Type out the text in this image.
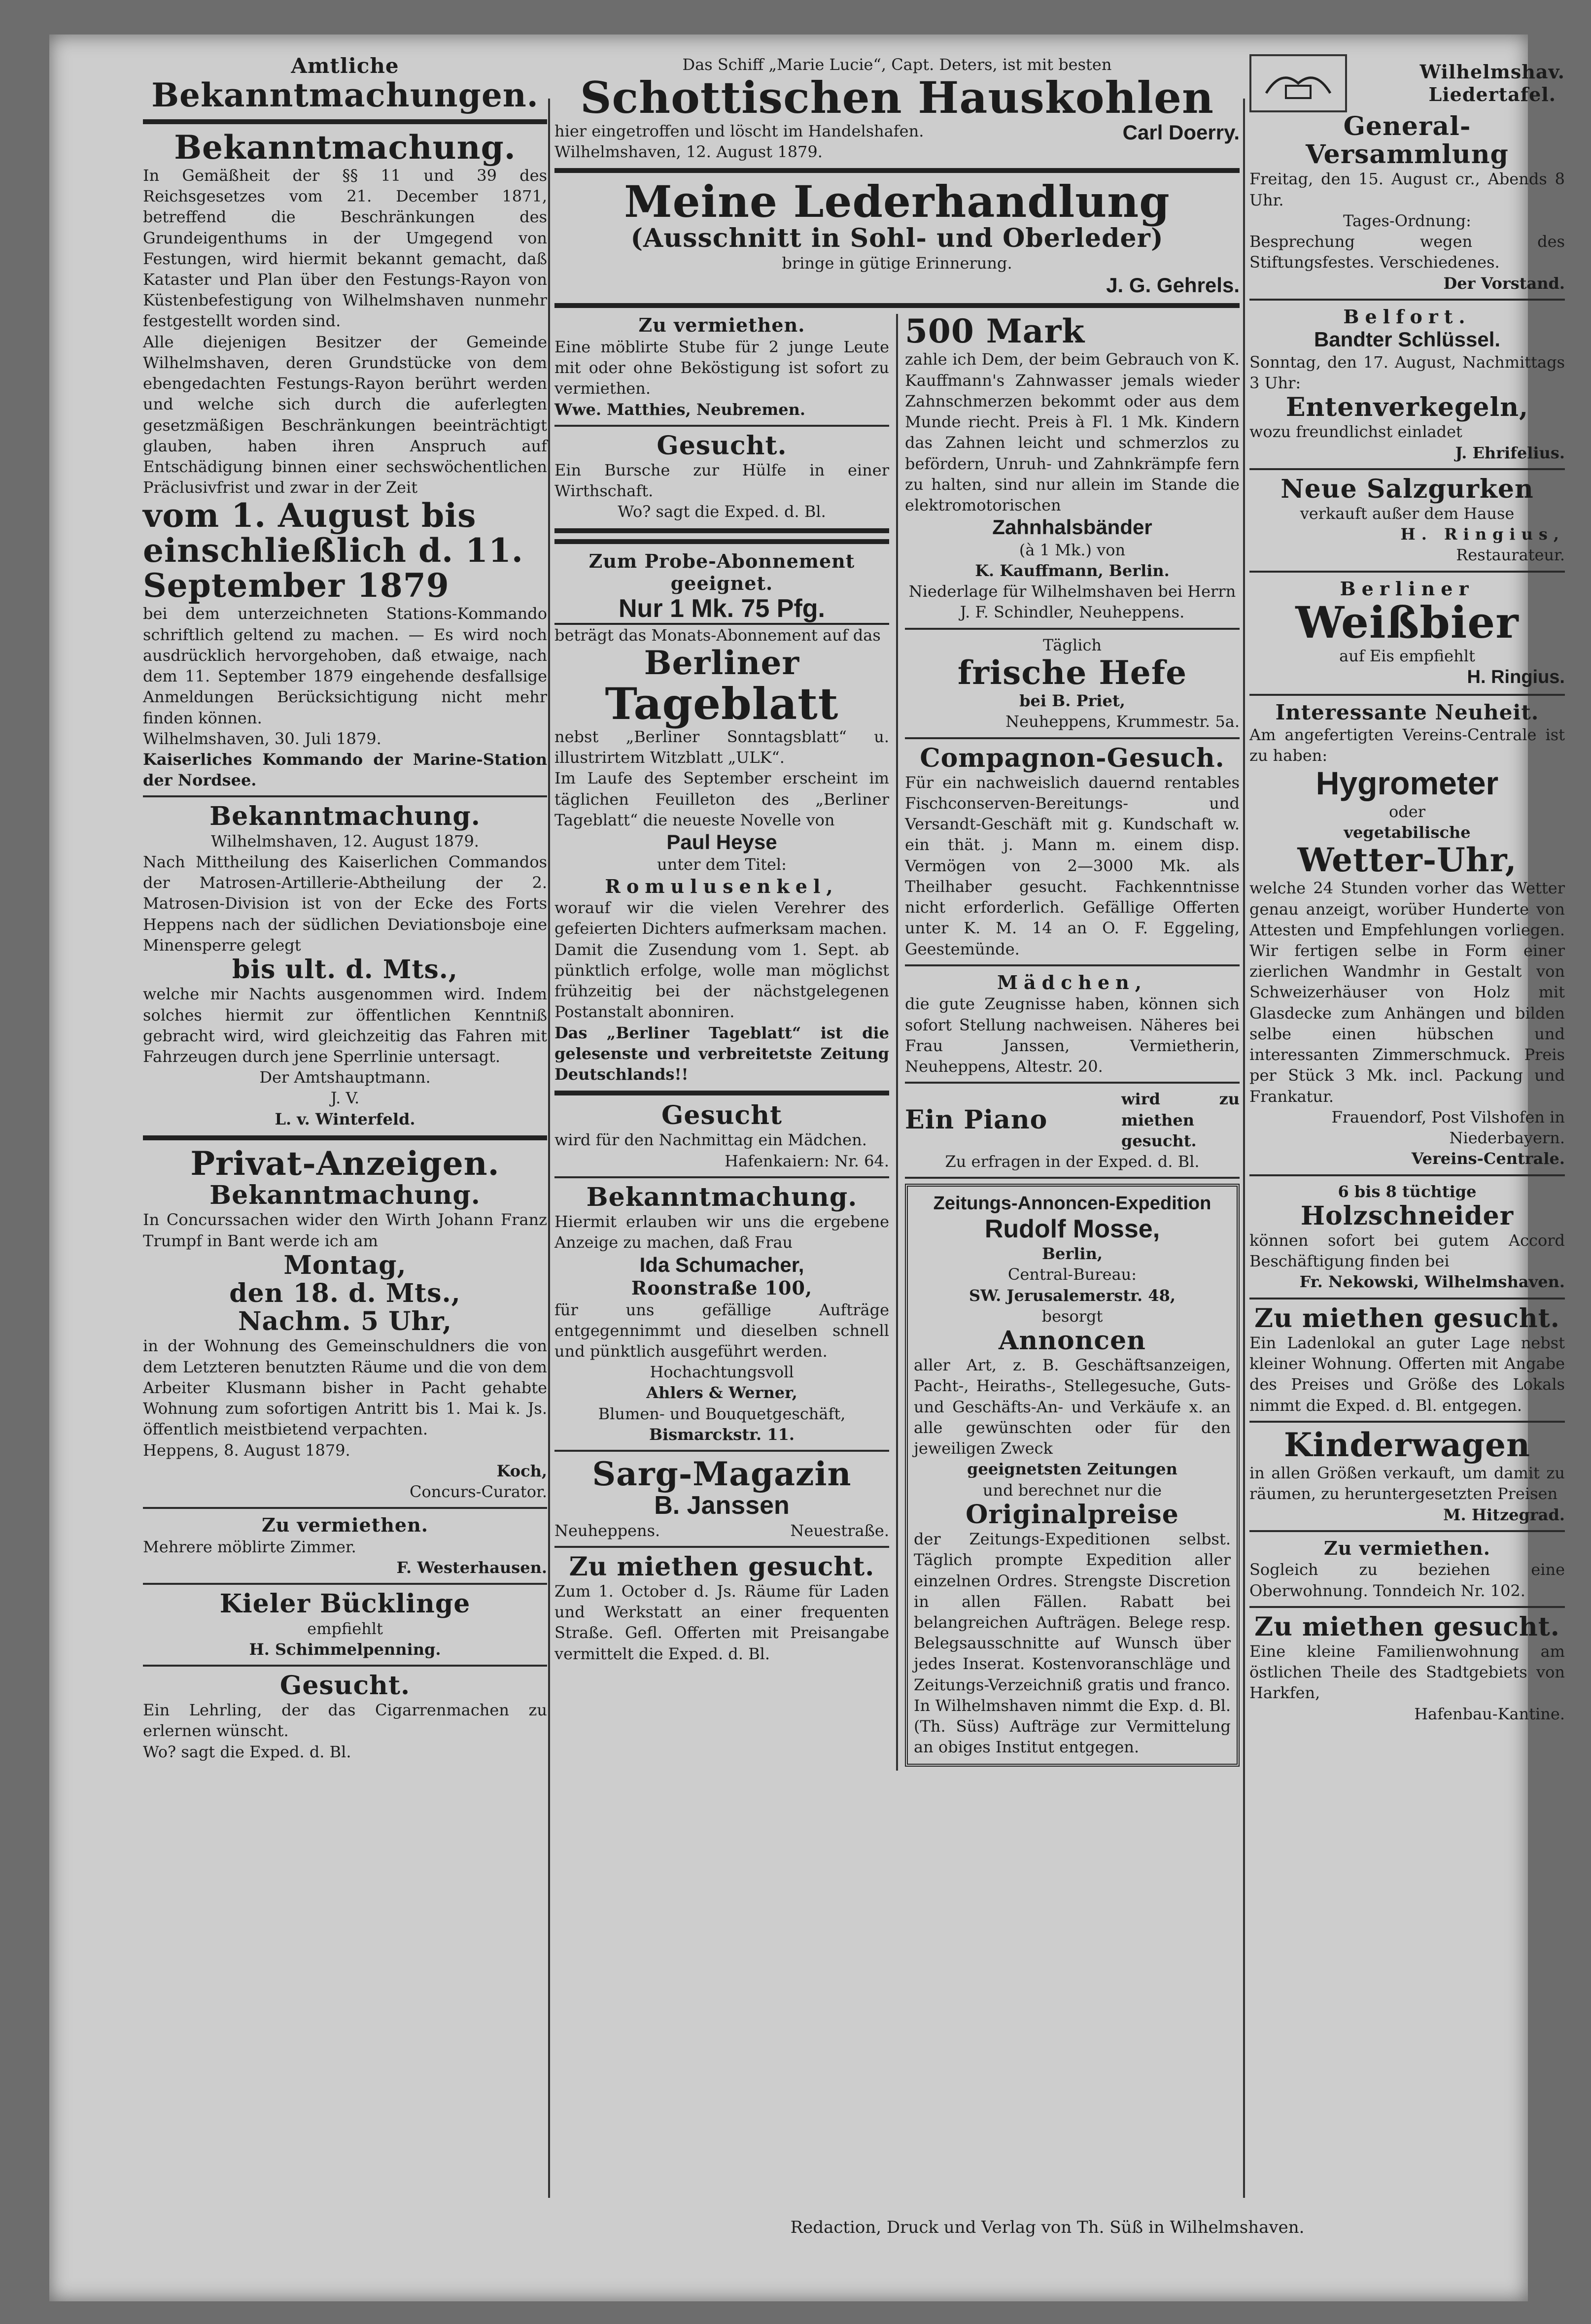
Amtliche
Bekanntmachungen.
Bekanntmachung.

In Gemäßheit der §§ 11 und 39 des Reichsgesetzes vom 21. December 1871, betreffend die Beschränkungen des Grundeigenthums in der Umgegend von Festungen, wird hiermit bekannt gemacht, daß Kataster und Plan über den Festungs-Rayon von Küstenbefestigung von Wilhelmshaven nunmehr festgestellt worden sind.

Alle diejenigen Besitzer der Gemeinde Wilhelmshaven, deren Grundstücke von dem ebengedachten Festungs-Rayon berührt werden und welche sich durch die auferlegten gesetzmäßigen Beschränkungen beeinträchtigt glauben, haben ihren Anspruch auf Entschädigung binnen einer sechswöchentlichen Präclusivfrist und zwar in der Zeit

vom 1. August bis einschließlich d. 11. September 1879

bei dem unterzeichneten Stations-Kommando schriftlich geltend zu machen. — Es wird noch ausdrücklich hervorgehoben, daß etwaige, nach dem 11. September 1879 eingehende desfallsige Anmeldungen Berücksichtigung nicht mehr finden können.

Wilhelmshaven, 30. Juli 1879.

Kaiserliches Kommando der Marine-Station der Nordsee.

Bekanntmachung.

Wilhelmshaven, 12. August 1879.

Nach Mittheilung des Kaiserlichen Commandos der Matrosen-Artillerie-Abtheilung der 2. Matrosen-Division ist von der Ecke des Forts Heppens nach der südlichen Deviationsboje eine Minensperre gelegt

bis ult. d. Mts.,

welche mir Nachts ausgenommen wird. Indem solches hiermit zur öffentlichen Kenntniß gebracht wird, wird gleichzeitig das Fahren mit Fahrzeugen durch jene Sperrlinie untersagt.

Der Amtshauptmann.

J. V.

L. v. Winterfeld.

Privat-Anzeigen.
Bekanntmachung.

In Concurssachen wider den Wirth Johann Franz Trumpf in Bant werde ich am

Montag,
den 18. d. Mts.,
Nachm. 5 Uhr,

in der Wohnung des Gemeinschuldners die von dem Letzteren benutzten Räume und die von dem Arbeiter Klusmann bisher in Pacht gehabte Wohnung zum sofortigen Antritt bis 1. Mai k. Js. öffentlich meistbietend verpachten.

Heppens, 8. August 1879.

Koch,

Concurs-Curator.

Zu vermiethen.

Mehrere möblirte Zimmer.

F. Westerhausen.

Kieler Bücklinge

empfiehlt

H. Schimmelpenning.

Gesucht.

Ein Lehrling, der das Cigarrenmachen zu erlernen wünscht.

Wo? sagt die Exped. d. Bl.

Das Schiff „Marie Lucie“, Capt. Deters, ist mit besten

Schottischen Hauskohlen

hier eingetroffen und löscht im Handelshafen.

Wilhelmshaven, 12. August 1879.

Carl Doerry.
Meine Lederhandlung
(Ausschnitt in Sohl- und Oberleder)

bringe in gütige Erinnerung.

J. G. Gehrels.
Zu vermiethen.

Eine möblirte Stube für 2 junge Leute mit oder ohne Beköstigung ist sofort zu vermiethen.

Wwe. Matthies, Neubremen.

Gesucht.

Ein Bursche zur Hülfe in einer Wirthschaft.

Wo? sagt die Exped. d. Bl.

Zum Probe-Abonnement geeignet.
Nur 1 Mk. 75 Pfg.

beträgt das Monats-Abonnement auf das

Berliner
Tageblatt

nebst „Berliner Sonntagsblatt“ u. illustrirtem Witzblatt „ULK“.

Im Laufe des September erscheint im täglichen Feuilleton des „Berliner Tageblatt“ die neueste Novelle von

Paul Heyse

unter dem Titel:

Romulusenkel,

worauf wir die vielen Verehrer des gefeierten Dichters aufmerksam machen.

Damit die Zusendung vom 1. Sept. ab pünktlich erfolge, wolle man möglichst frühzeitig bei der nächstgelegenen Postanstalt abonniren.

Das „Berliner Tageblatt“ ist die gelesenste und verbreitetste Zeitung Deutschlands!!

Gesucht

wird für den Nachmittag ein Mädchen.

Hafenkaiern: Nr. 64.

Bekanntmachung.

Hiermit erlauben wir uns die ergebene Anzeige zu machen, daß Frau

Ida Schumacher,
Roonstraße 100,

für uns gefällige Aufträge entgegennimmt und dieselben schnell und pünktlich ausgeführt werden.

Hochachtungsvoll

Ahlers & Werner,

Blumen- und Bouquetgeschäft,

Bismarckstr. 11.

Sarg-Magazin
B. Janssen
Neuheppens.	Neuestraße.
Zu miethen gesucht.

Zum 1. October d. Js. Räume für Laden und Werkstatt an einer frequenten Straße. Gefl. Offerten mit Preisangabe vermittelt die Exped. d. Bl.

500 Mark

zahle ich Dem, der beim Gebrauch von K. Kauffmann's Zahnwasser jemals wieder Zahnschmerzen bekommt oder aus dem Munde riecht. Preis à Fl. 1 Mk. Kindern das Zahnen leicht und schmerzlos zu befördern, Unruh- und Zahnkrämpfe fern zu halten, sind nur allein im Stande die elektromotorischen

Zahnhalsbänder

(à 1 Mk.) von

K. Kauffmann, Berlin.

Niederlage für Wilhelmshaven bei Herrn J. F. Schindler, Neuheppens.

Täglich

frische Hefe

bei B. Priet,

Neuheppens, Krummestr. 5a.

Compagnon-Gesuch.

Für ein nachweislich dauernd rentables Fischconserven-Bereitungs- und Versandt-Geschäft mit g. Kundschaft w. ein thät. j. Mann m. einem disp. Vermögen von 2—3000 Mk. als Theilhaber gesucht. Fachkenntnisse nicht erforderlich. Gefällige Offerten unter K. M. 14 an O. F. Eggeling, Geestemünde.

Mädchen,

die gute Zeugnisse haben, können sich sofort Stellung nachweisen. Näheres bei Frau Janssen, Vermietherin, Neuheppens, Altestr. 20.

Ein Piano
wird zu miethen gesucht.

Zu erfragen in der Exped. d. Bl.

Zeitungs-Annoncen-Expedition
Rudolf Mosse,

Berlin,

Central-Bureau:

SW. Jerusalemerstr. 48,

besorgt

Annoncen

aller Art, z. B. Geschäftsanzeigen, Pacht-, Heiraths-, Stellegesuche, Guts- und Geschäfts-An- und Verkäufe x. an alle gewünschten oder für den jeweiligen Zweck

geeignetsten Zeitungen

und berechnet nur die

Originalpreise

der Zeitungs-Expeditionen selbst. Täglich prompte Expedition aller einzelnen Ordres. Strengste Discretion in allen Fällen. Rabatt bei belangreichen Aufträgen. Belege resp. Belegsausschnitte auf Wunsch über jedes Inserat. Kostenvoranschläge und Zeitungs-Verzeichniß gratis und franco.

In Wilhelmshaven nimmt die Exp. d. Bl. (Th. Süss) Aufträge zur Vermittelung an obiges Institut entgegen.

Wilhelmshav.
Liedertafel.
General-
Versammlung

Freitag, den 15. August cr., Abends 8 Uhr.

Tages-Ordnung:

Besprechung wegen des Stiftungsfestes. Verschiedenes.

Der Vorstand.

Belfort.
Bandter Schlüssel.

Sonntag, den 17. August, Nachmittags 3 Uhr:

Entenverkegeln,

wozu freundlichst einladet

J. Ehrifelius.

Neue Salzgurken

verkauft außer dem Hause

H. Ringius,

Restaurateur.

Berliner
Weißbier

auf Eis empfiehlt

H. Ringius.
Interessante Neuheit.

Am angefertigten Vereins-Centrale ist zu haben:

Hygrometer

oder

vegetabilische

Wetter-Uhr,

welche 24 Stunden vorher das Wetter genau anzeigt, worüber Hunderte von Attesten und Empfehlungen vorliegen. Wir fertigen selbe in Form einer zierlichen Wandmhr in Gestalt von Schweizerhäuser von Holz mit Glasdecke zum Anhängen und bilden selbe einen hübschen und interessanten Zimmerschmuck. Preis per Stück 3 Mk. incl. Packung und Frankatur.

Frauendorf, Post Vilshofen in Niederbayern.

Vereins-Centrale.

6 bis 8 tüchtige

Holzschneider

können sofort bei gutem Accord Beschäftigung finden bei

Fr. Nekowski, Wilhelmshaven.

Zu miethen gesucht.

Ein Ladenlokal an guter Lage nebst kleiner Wohnung. Offerten mit Angabe des Preises und Größe des Lokals nimmt die Exped. d. Bl. entgegen.

Kinderwagen

in allen Größen verkauft, um damit zu räumen, zu heruntergesetzten Preisen

M. Hitzegrad.

Zu vermiethen.

Sogleich zu beziehen eine Oberwohnung. Tonndeich Nr. 102.

Zu miethen gesucht.

Eine kleine Familienwohnung am östlichen Theile des Stadtgebiets von Harkfen,

Hafenbau-Kantine.

Redaction, Druck und Verlag von Th. Süß in Wilhelmshaven.
